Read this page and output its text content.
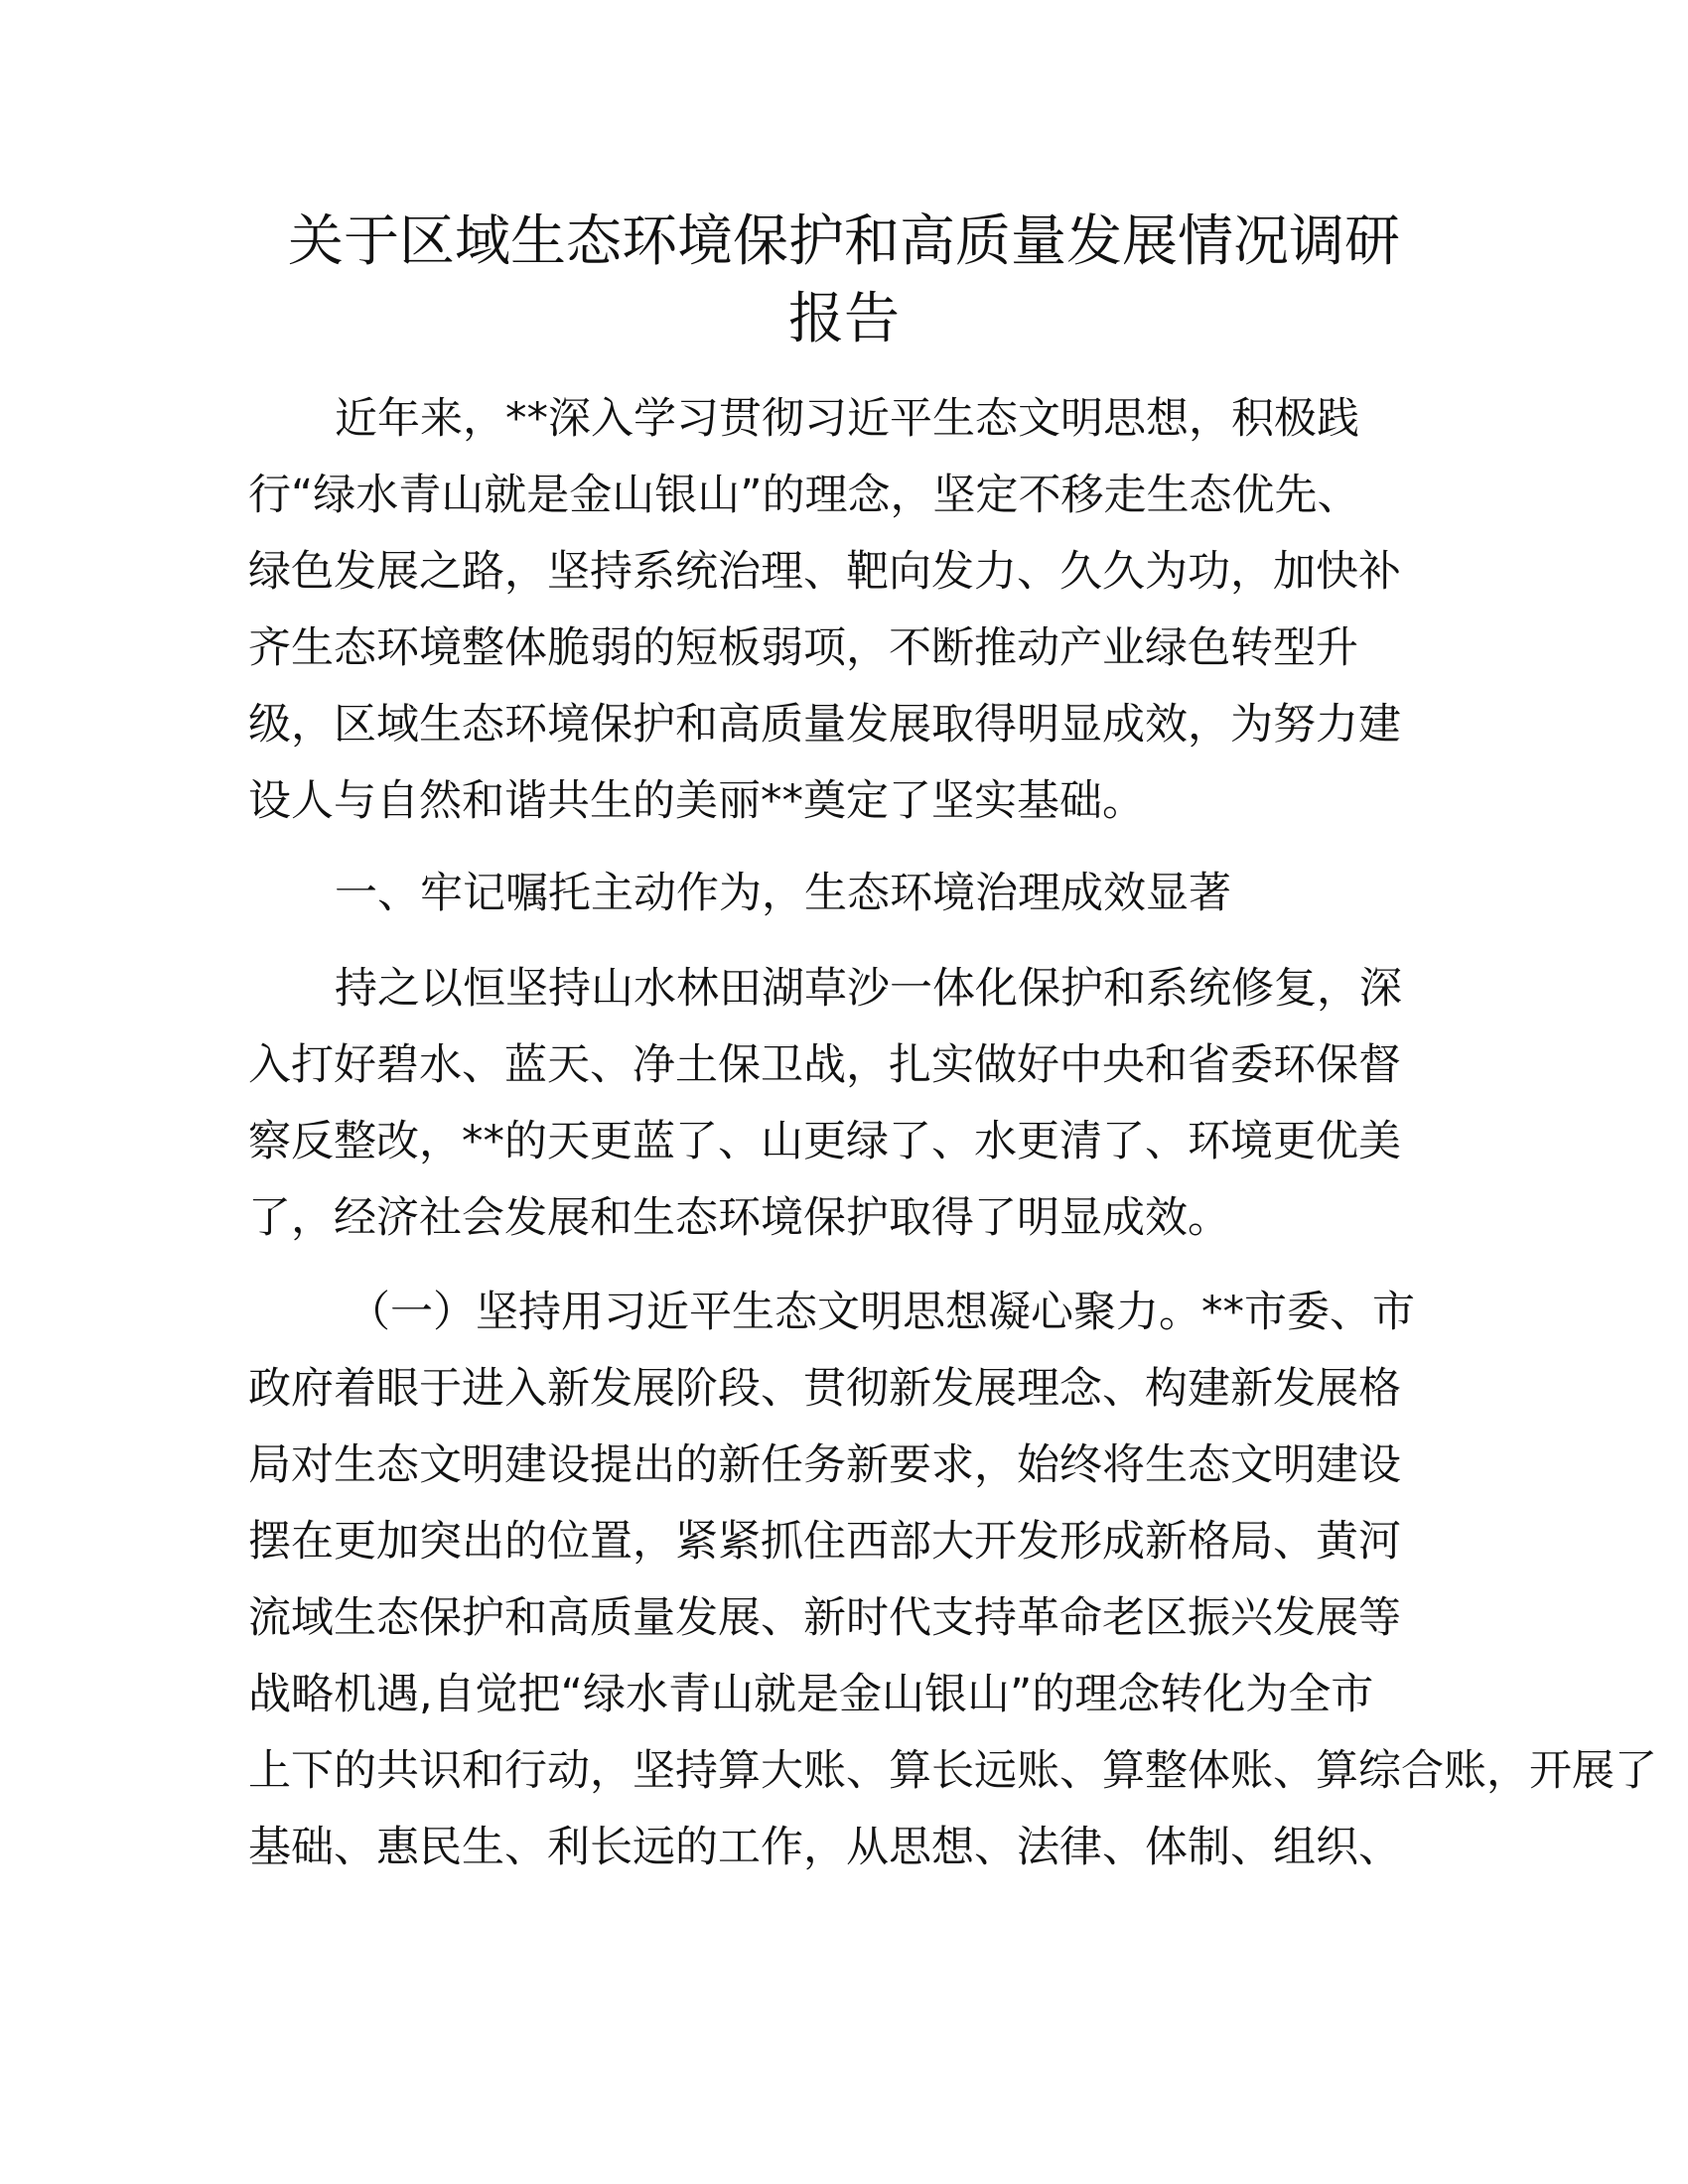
关于区域生态环境保护和高质量发展情况调研
报告
近年来，**深入学习贯彻习近平生态文明思想，积极践
行“绿水青山就是金山银山”的理念，坚定不移走生态优先、
绿色发展之路，坚持系统治理、靶向发力、久久为功，加快补
齐生态环境整体脆弱的短板弱项，不断推动产业绿色转型升
级，区域生态环境保护和高质量发展取得明显成效，为努力建
设人与自然和谐共生的美丽**奠定了坚实基础。
一、牢记嘱托主动作为，生态环境治理成效显著
持之以恒坚持山水林田湖草沙一体化保护和系统修复，深
入打好碧水、蓝天、净土保卫战，扎实做好中央和省委环保督
察反整改，**的天更蓝了、山更绿了、水更清了、环境更优美
了，经济社会发展和生态环境保护取得了明显成效。
（一）坚持用习近平生态文明思想凝心聚力。**市委、市
政府着眼于进入新发展阶段、贯彻新发展理念、构建新发展格
局对生态文明建设提出的新任务新要求，始终将生态文明建设
摆在更加突出的位置，紧紧抓住西部大开发形成新格局、黄河
流域生态保护和高质量发展、新时代支持革命老区振兴发展等
战略机遇,自觉把“绿水青山就是金山银山”的理念转化为全市
上下的共识和行动，坚持算大账、算长远账、算整体账、算综合账，开展了
基础、惠民生、利长远的工作，从思想、法律、体制、组织、
